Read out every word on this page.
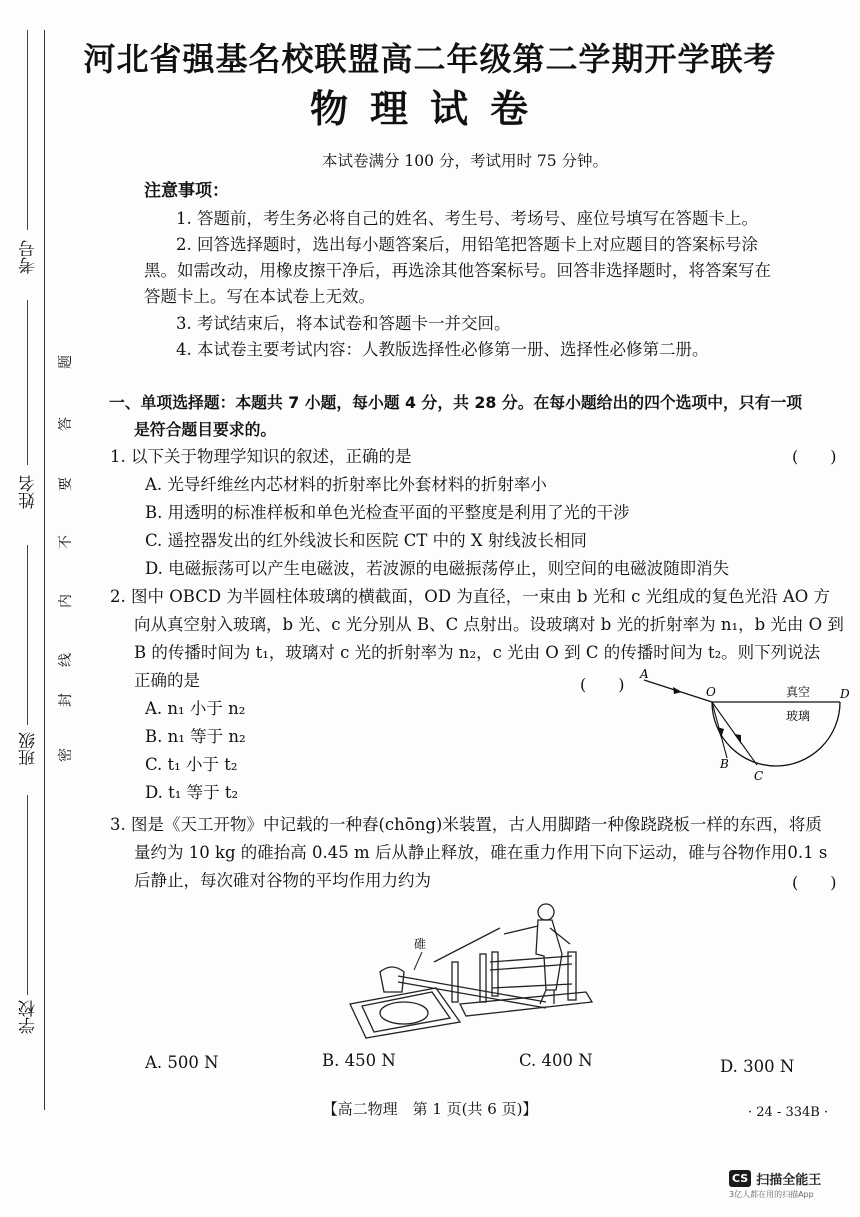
考号
姓名
班级
学校
题
答
要
不
内
线
封
密
河北省强基名校联盟高二年级第二学期开学联考
物理试卷
本试卷满分 100 分，考试用时 75 分钟。
注意事项：
1. 答题前，考生务必将自己的姓名、考生号、考场号、座位号填写在答题卡上。
2. 回答选择题时，选出每小题答案后，用铅笔把答题卡上对应题目的答案标号涂
黑。如需改动，用橡皮擦干净后，再选涂其他答案标号。回答非选择题时，将答案写在
答题卡上。写在本试卷上无效。
3. 考试结束后，将本试卷和答题卡一并交回。
4. 本试卷主要考试内容：人教版选择性必修第一册、选择性必修第二册。
一、单项选择题：本题共 7 小题，每小题 4 分，共 28 分。在每小题给出的四个选项中，只有一项
是符合题目要求的。
1. 以下关于物理学知识的叙述，正确的是	(　　)
A. 光导纤维丝内芯材料的折射率比外套材料的折射率小
B. 用透明的标准样板和单色光检查平面的平整度是利用了光的干涉
C. 遥控器发出的红外线波长和医院 CT 中的 X 射线波长相同
D. 电磁振荡可以产生电磁波，若波源的电磁振荡停止，则空间的电磁波随即消失
2. 图中 OBCD 为半圆柱体玻璃的横截面，OD 为直径，一束由 b 光和 c 光组成的复色光沿 AO 方
向从真空射入玻璃，b 光、c 光分别从 B、C 点射出。设玻璃对 b 光的折射率为 n₁，b 光由 O 到
B 的传播时间为 t₁，玻璃对 c 光的折射率为 n₂，c 光由 O 到 C 的传播时间为 t₂。则下列说法
正确的是	(　　)
A. n₁ 小于 n₂
B. n₁ 等于 n₂
C. t₁ 小于 t₂
D. t₁ 等于 t₂
A
O	D
B
C
真空
玻璃
3. 图是《天工开物》中记载的一种舂(chōng)米装置，古人用脚踏一种像跷跷板一样的东西，将质
量约为 10 kg 的碓抬高 0.45 m 后从静止释放，碓在重力作用下向下运动，碓与谷物作用0.1 s
后静止，每次碓对谷物的平均作用力约为	(　　)
碓
A. 500 N	B. 450 N	C. 400 N	D. 300 N
【高二物理　第 1 页(共 6 页)】	· 24 - 334B ·
CS 扫描全能王
3亿人都在用的扫描App
